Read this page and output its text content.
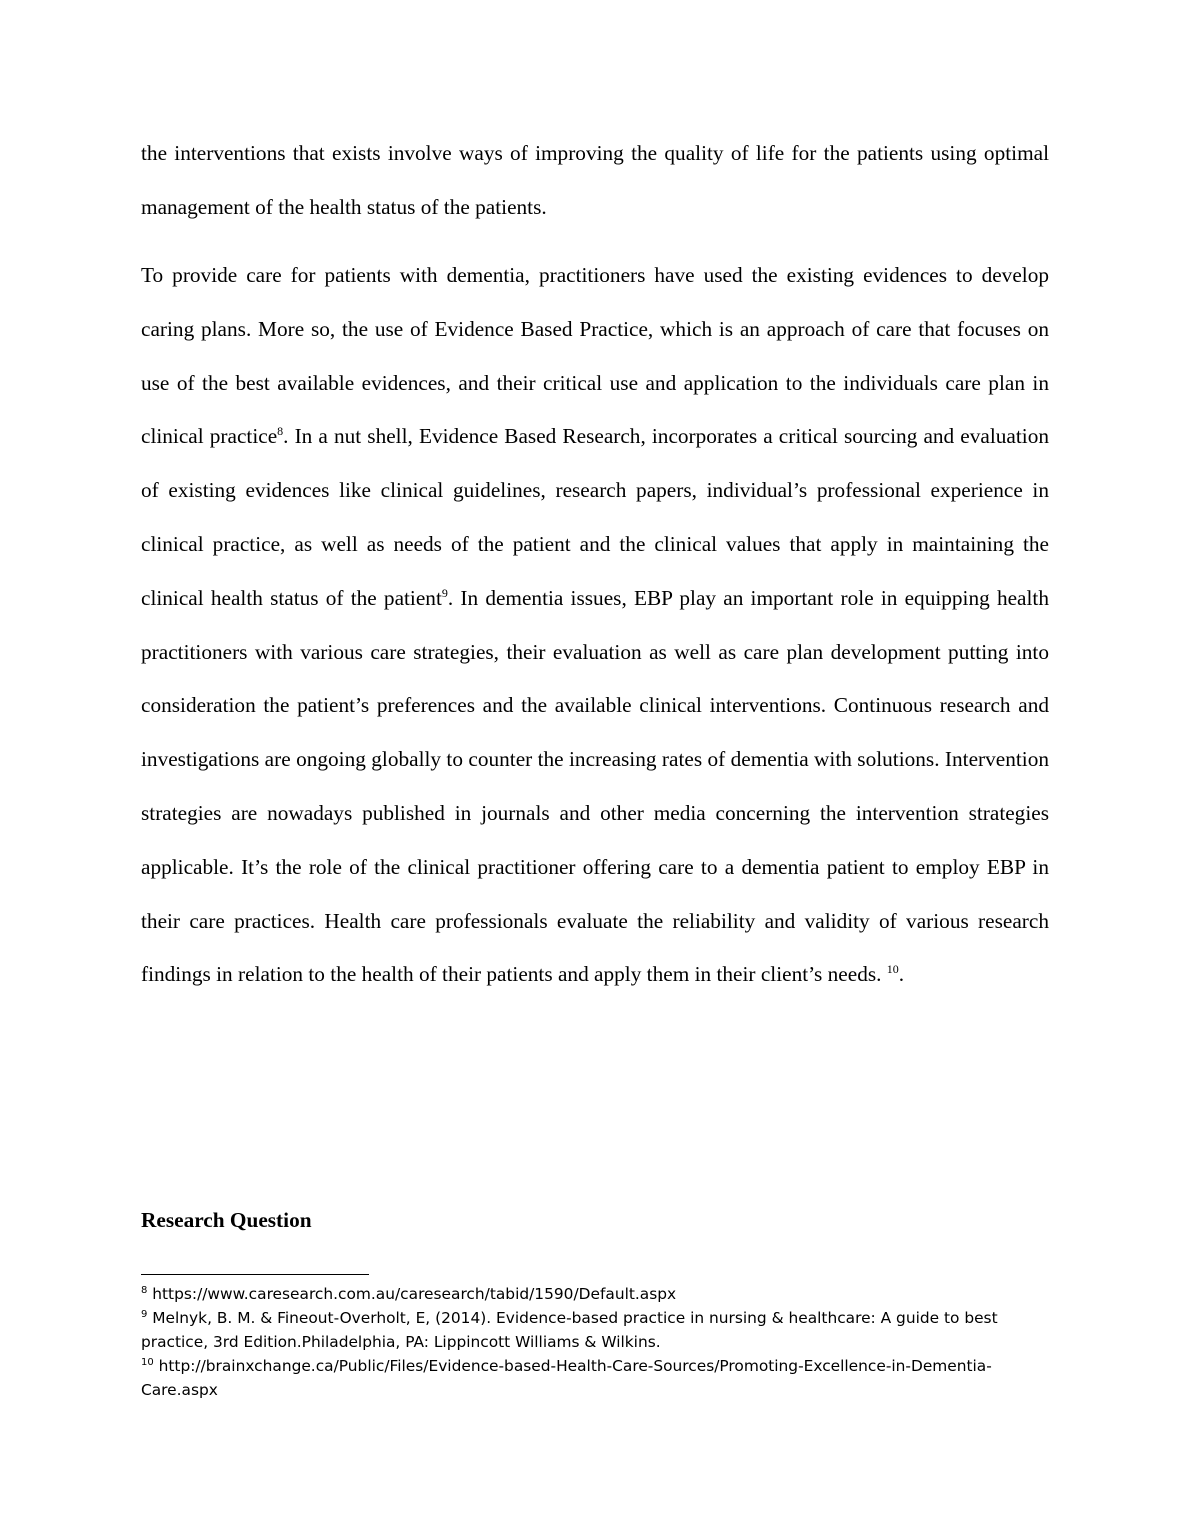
the interventions that exists involve ways of improving the quality of life for the patients using optimal management of the health status of the patients.

To provide care for patients with dementia, practitioners have used the existing evidences to develop caring plans. More so, the use of Evidence Based Practice, which is an approach of care that focuses on use of the best available evidences, and their critical use and application to the individuals care plan in clinical practice$^8$. In a nut shell, Evidence Based Research, incorporates a critical sourcing and evaluation of existing evidences like clinical guidelines, research papers, individual’s professional experience in clinical practice, as well as needs of the patient and the clinical values that apply in maintaining the clinical health status of the patient$^9$. In dementia issues, EBP play an important role in equipping health practitioners with various care strategies, their evaluation as well as care plan development putting into consideration the patient’s preferences and the available clinical interventions. Continuous research and investigations are ongoing globally to counter the increasing rates of dementia with solutions. Intervention strategies are nowadays published in journals and other media concerning the intervention strategies applicable. It’s the role of the clinical practitioner offering care to a dementia patient to employ EBP in their care practices. Health care professionals evaluate the reliability and validity of various research findings in relation to the health of their patients and apply them in their client’s needs. $^{10}$.

Research Question

$^8$ https://www.caresearch.com.au/caresearch/tabid/1590/Default.aspx

$^9$ Melnyk, B. M. & Fineout-Overholt, E, (2014). Evidence-based practice in nursing & healthcare: A guide to best practice, 3rd Edition.Philadelphia, PA: Lippincott Williams & Wilkins.

$^{10}$ http://brainxchange.ca/Public/Files/Evidence-based-Health-Care-Sources/Promoting-Excellence-in-Dementia-Care.aspx
